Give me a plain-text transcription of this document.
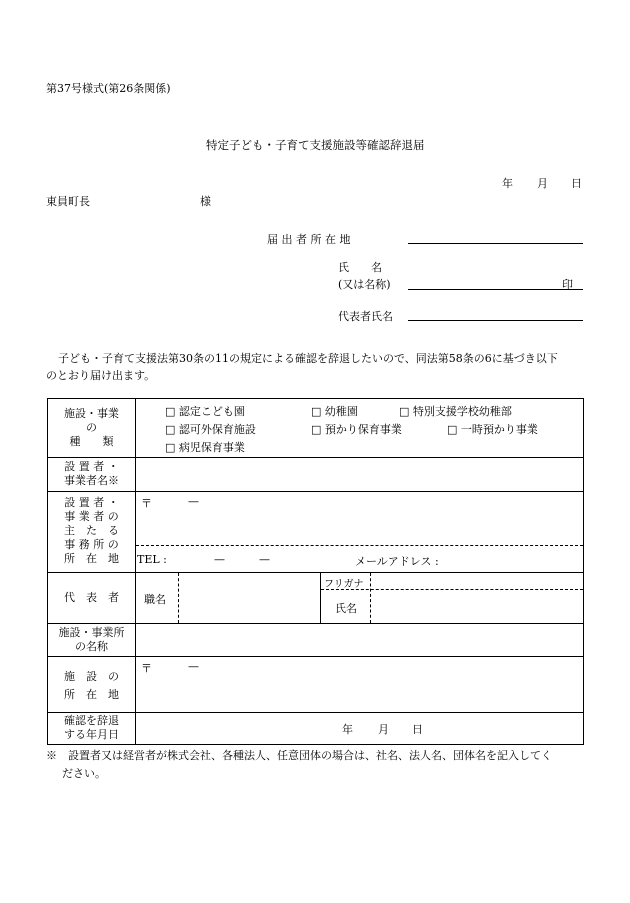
第37号様式(第26条関係)
特定子ども・子育て支援施設等確認辞退届
年 月 日
東員町長	様
届 出 者 所 在 地
氏　　名
(又は名称)	印
代表者氏名
子ども・子育て支援法第30条の11の規定による確認を辞退したいので、同法第58条の6に基づき以下
のとおり届け出ます。
施設・事業
の
種　　類
□ 認定こども園	□ 幼稚園	□ 特別支援学校幼稚部
□ 認可外保育施設	□ 預かり保育事業	□ 一時預かり事業
□ 病児保育事業
設 置 者 ・
事業者名※
設 置 者 ・
事 業 者 の
主　た　る
事 務 所 の
所　在　地
〒	—
TEL :	—	—	メールアドレス :
代　表　者	職名
フリガナ
氏名
施設・事業所
の名称
施　設　の
所　在　地
〒	—
確認を辞退
する年月日	年 月 日
※　設置者又は経営者が株式会社、各種法人、任意団体の場合は、社名、法人名、団体名を記入してく
ださい。
